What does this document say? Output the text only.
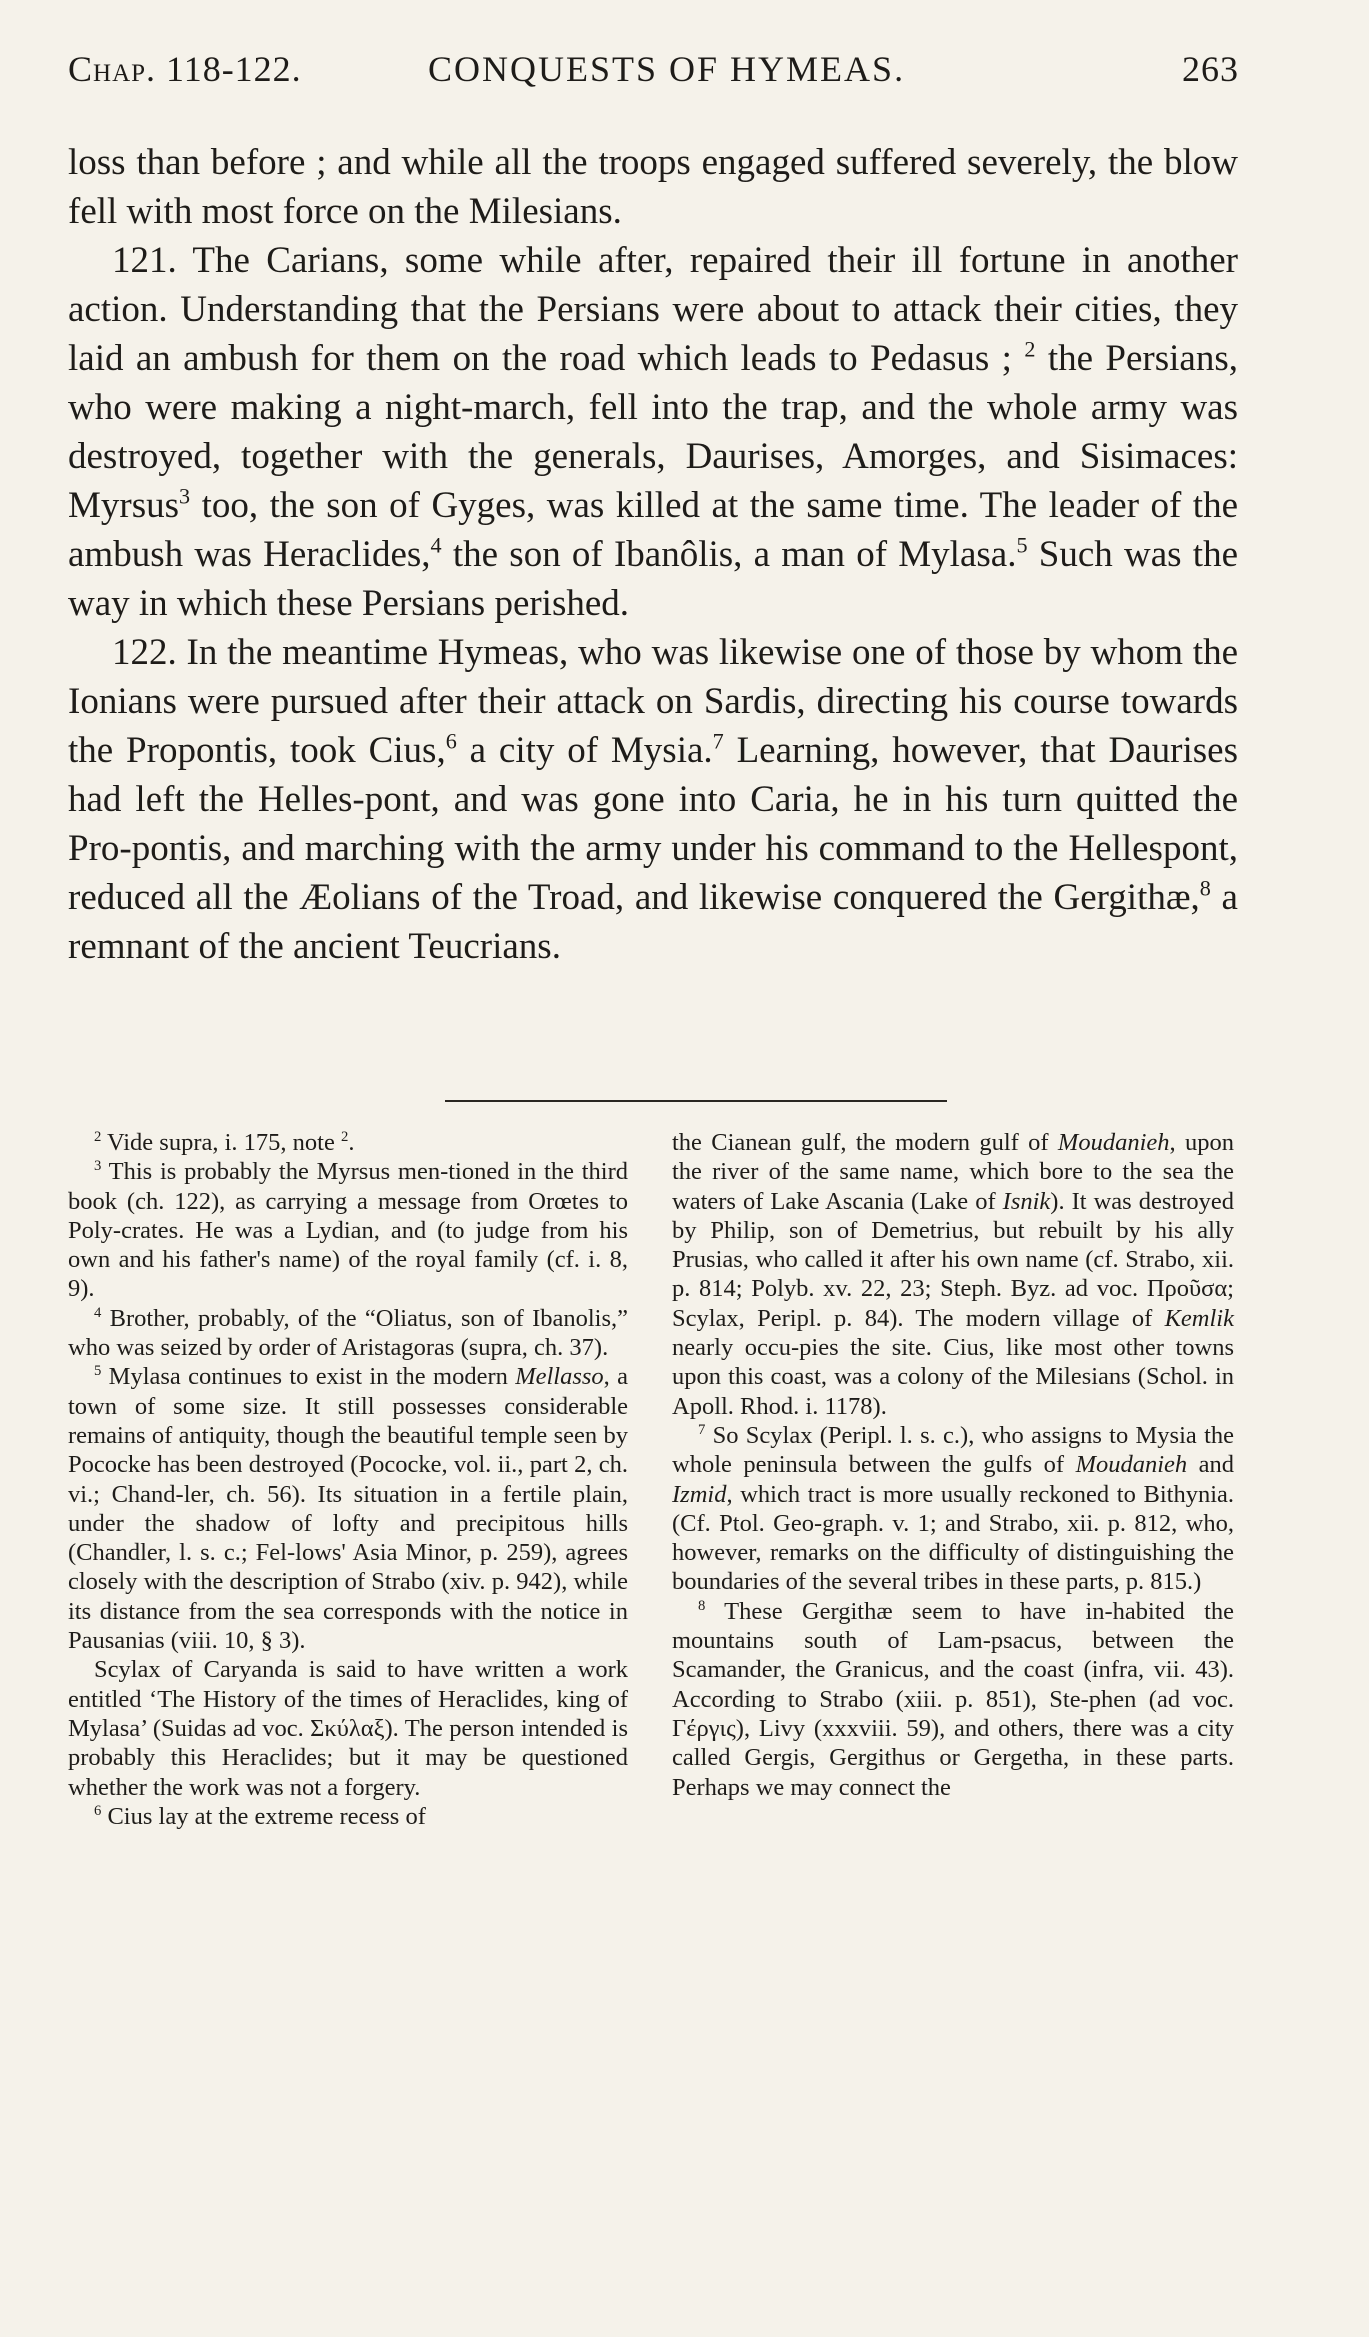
Chap. 118-122.	CONQUESTS OF HYMEAS.	263

loss than before ; and while all the troops engaged suffered severely, the blow fell with most force on the Milesians.

121. The Carians, some while after, repaired their ill fortune in another action. Understanding that the Persians were about to attack their cities, they laid an ambush for them on the road which leads to Pedasus ; $^2$ the Persians, who were making a night-march, fell into the trap, and the whole army was destroyed, together with the generals, Daurises, Amorges, and Sisimaces: Myrsus$^3$ too, the son of Gyges, was killed at the same time. The leader of the ambush was Heraclides,$^4$ the son of Ibanôlis, a man of Mylasa.$^5$ Such was the way in which these Persians perished.

122. In the meantime Hymeas, who was likewise one of those by whom the Ionians were pursued after their attack on Sardis, directing his course towards the Propontis, took Cius,$^6$ a city of Mysia.$^7$ Learning, however, that Daurises had left the Helles-pont, and was gone into Caria, he in his turn quitted the Pro-pontis, and marching with the army under his command to the Hellespont, reduced all the Æolians of the Troad, and likewise conquered the Gergithæ,$^8$ a remnant of the ancient Teucrians.

$^2$ Vide supra, i. 175, note $^2$.

$^3$ This is probably the Myrsus men-tioned in the third book (ch. 122), as carrying a message from Orœtes to Poly-crates. He was a Lydian, and (to judge from his own and his father's name) of the royal family (cf. i. 8, 9).

$^4$ Brother, probably, of the “Oliatus, son of Ibanolis,” who was seized by order of Aristagoras (supra, ch. 37).

$^5$ Mylasa continues to exist in the modern Mellasso, a town of some size. It still possesses considerable remains of antiquity, though the beautiful temple seen by Pococke has been destroyed (Pococke, vol. ii., part 2, ch. vi.; Chand-ler, ch. 56). Its situation in a fertile plain, under the shadow of lofty and precipitous hills (Chandler, l. s. c.; Fel-lows' Asia Minor, p. 259), agrees closely with the description of Strabo (xiv. p. 942), while its distance from the sea corresponds with the notice in Pausanias (viii. 10, § 3).

Scylax of Caryanda is said to have written a work entitled ‘The History of the times of Heraclides, king of Mylasa’ (Suidas ad voc. Σκύλαξ). The person intended is probably this Heraclides; but it may be questioned whether the work was not a forgery.

$^6$ Cius lay at the extreme recess of

the Cianean gulf, the modern gulf of Moudanieh, upon the river of the same name, which bore to the sea the waters of Lake Ascania (Lake of Isnik). It was destroyed by Philip, son of Demetrius, but rebuilt by his ally Prusias, who called it after his own name (cf. Strabo, xii. p. 814; Polyb. xv. 22, 23; Steph. Byz. ad voc. Προῦσα; Scylax, Peripl. p. 84). The modern village of Kemlik nearly occu-pies the site. Cius, like most other towns upon this coast, was a colony of the Milesians (Schol. in Apoll. Rhod. i. 1178).

$^7$ So Scylax (Peripl. l. s. c.), who assigns to Mysia the whole peninsula between the gulfs of Moudanieh and Izmid, which tract is more usually reckoned to Bithynia. (Cf. Ptol. Geo-graph. v. 1; and Strabo, xii. p. 812, who, however, remarks on the difficulty of distinguishing the boundaries of the several tribes in these parts, p. 815.)

$^8$ These Gergithæ seem to have in-habited the mountains south of Lam-psacus, between the Scamander, the Granicus, and the coast (infra, vii. 43). According to Strabo (xiii. p. 851), Ste-phen (ad voc. Γέργις), Livy (xxxviii. 59), and others, there was a city called Gergis, Gergithus or Gergetha, in these parts. Perhaps we may connect the
